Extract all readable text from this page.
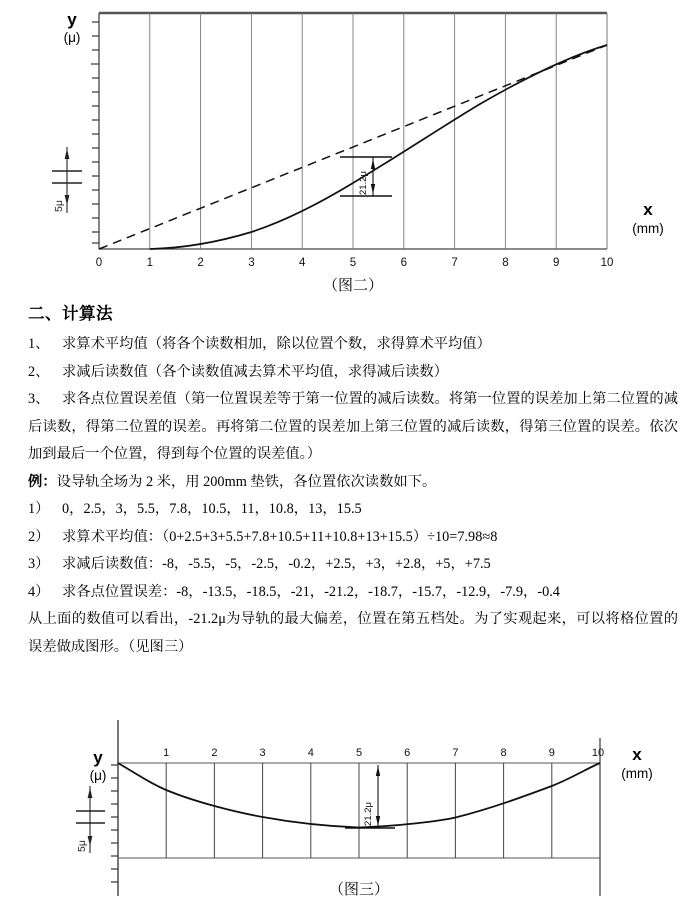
y
(μ)
x
(mm)
5μ
21.2μ
0	1	2	3	4	5	6	7	8	9	10
（图二）
二、计算法
1、 求算术平均值（将各个读数相加，除以位置个数，求得算术平均值）
2、 求减后读数值（各个读数值减去算术平均值，求得减后读数）
3、 求各点位置误差值（第一位置误差等于第一位置的减后读数。将第一位置的误差加上第二位置的减后读数，得第二位置的误差。再将第二位置的误差加上第三位置的减后读数，得第三位置的误差。依次加到最后一个位置，得到每个位置的误差值。）
例：设导轨全场为 2 米，用 200mm 垫铁，各位置依次读数如下。
1） 0，2.5，3，5.5，7.8，10.5，11，10.8，13，15.5
2） 求算术平均值：（0+2.5+3+5.5+7.8+10.5+11+10.8+13+15.5）÷10=7.98≈8
3） 求减后读数值：-8，-5.5，-5，-2.5，-0.2，+2.5，+3，+2.8，+5，+7.5
4） 求各点位置误差：-8，-13.5，-18.5，-21，-21.2，-18.7，-15.7，-12.9，-7.9，-0.4
从上面的数值可以看出，-21.2μ为导轨的最大偏差，位置在第五档处。为了实观起来，可以将格位置的误差做成图形。（见图三）
y
(μ)
x
(mm)
5μ
21.2μ
1	2	3	4	5	6	7	8	9	10
（图三）
